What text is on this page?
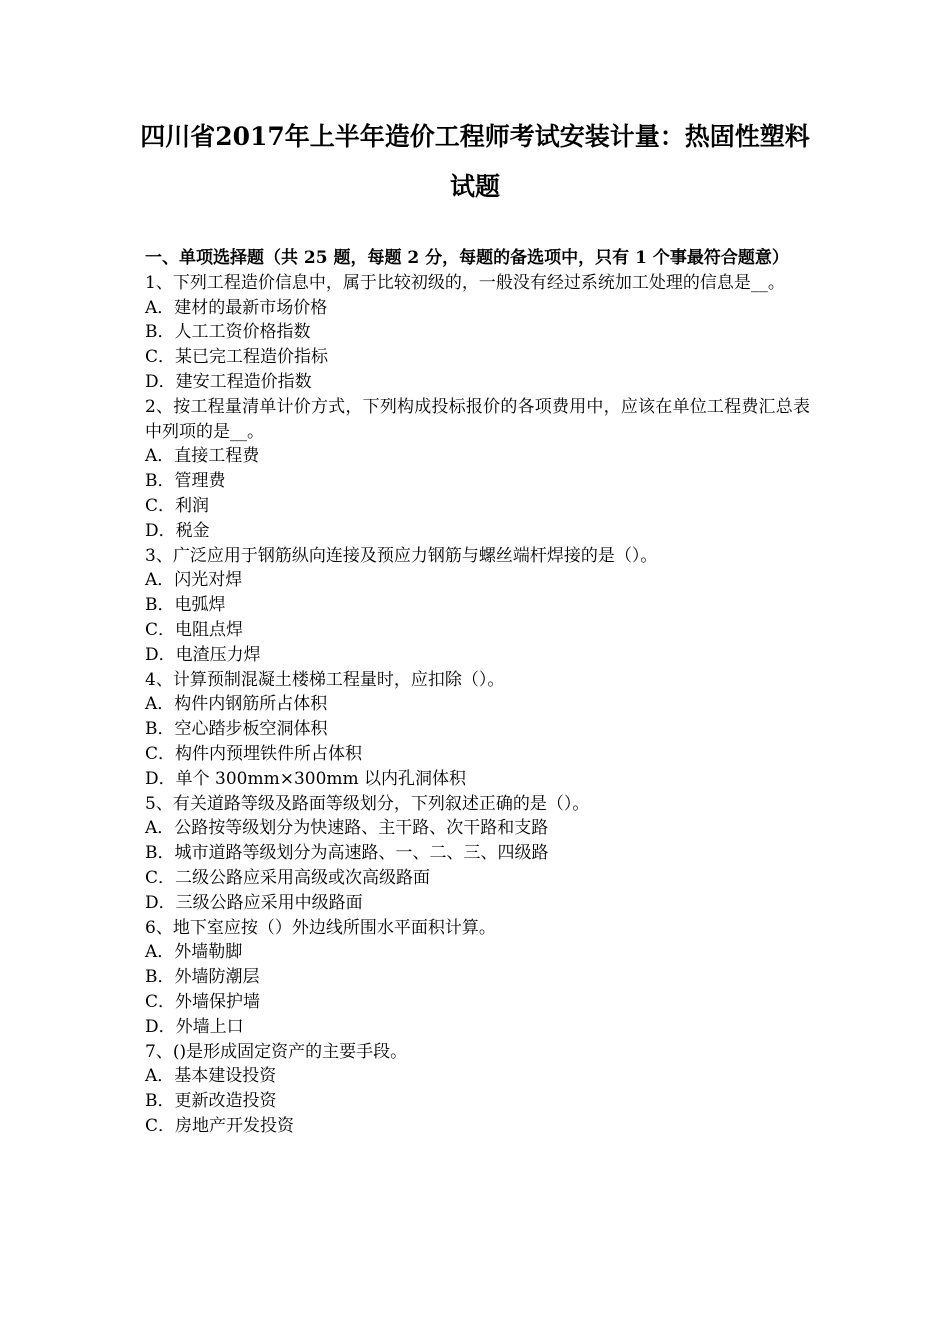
四川省2017年上半年造价工程师考试安装计量：热固性塑料试题

一、单项选择题（共 25 题，每题 2 分，每题的备选项中，只有 1 个事最符合题意）

1、下列工程造价信息中，属于比较初级的，一般没有经过系统加工处理的信息是__。

A．建材的最新市场价格

B．人工工资价格指数

C．某已完工程造价指标

D．建安工程造价指数

2、按工程量清单计价方式，下列构成投标报价的各项费用中，应该在单位工程费汇总表中列项的是__。

A．直接工程费

B．管理费

C．利润

D．税金

3、广泛应用于钢筋纵向连接及预应力钢筋与螺丝端杆焊接的是（）。

A．闪光对焊

B．电弧焊

C．电阻点焊

D．电渣压力焊

4、计算预制混凝土楼梯工程量时，应扣除（）。

A．构件内钢筋所占体积

B．空心踏步板空洞体积

C．构件内预埋铁件所占体积

D．单个 300mm×300mm 以内孔洞体积

5、有关道路等级及路面等级划分，下列叙述正确的是（）。

A．公路按等级划分为快速路、主干路、次干路和支路

B．城市道路等级划分为高速路、一、二、三、四级路

C．二级公路应采用高级或次高级路面

D．三级公路应采用中级路面

6、地下室应按（）外边线所围水平面积计算。

A．外墙勒脚

B．外墙防潮层

C．外墙保护墙

D．外墙上口

7、()是形成固定资产的主要手段。

A．基本建设投资

B．更新改造投资

C．房地产开发投资
